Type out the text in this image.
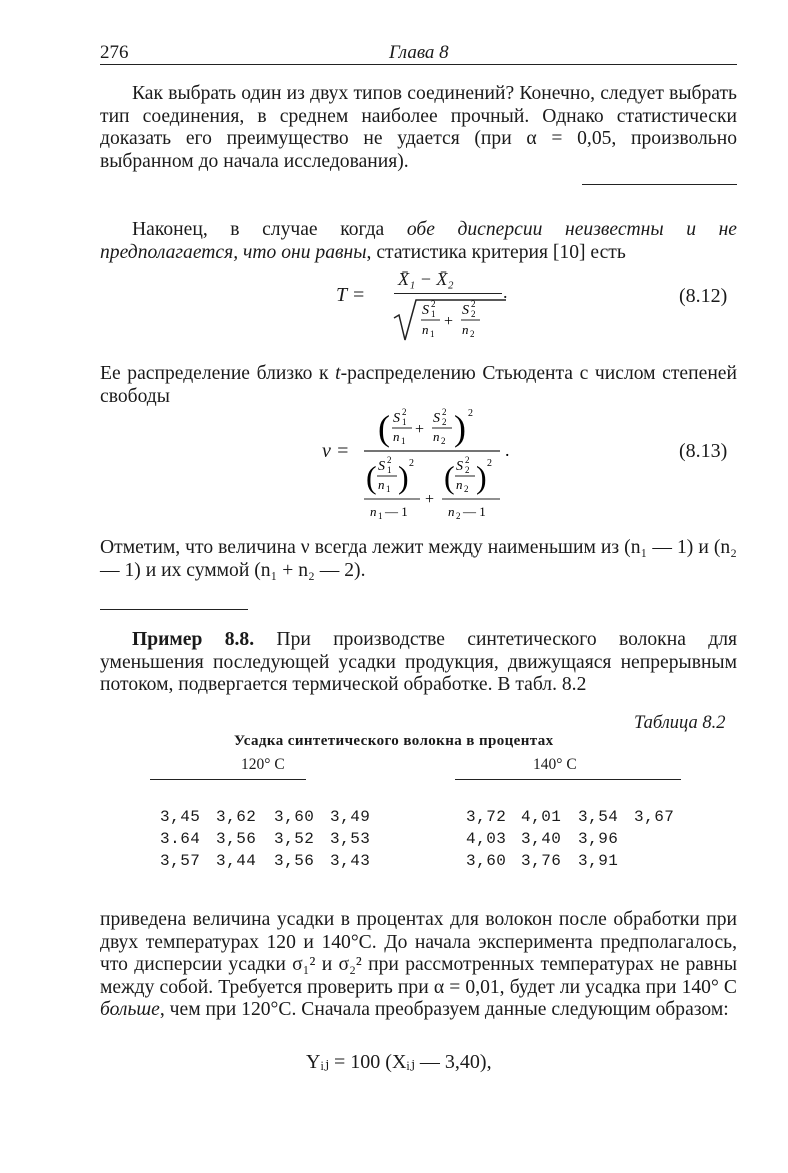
276	Глава 8
Как выбрать один из двух типов соединений? Конечно, следует выбрать тип соединения, в среднем наиболее прочный. Однако статистически доказать его преимущество не удается (при α = 0,05, произвольно выбранном до начала исследования).
Наконец, в случае когда обе дисперсии неизвестны и не предполагается, что они равны, статистика критерия [10] есть
T =
X̄₁ − X̄₂
.
S 2
1
n 1
+
S 2
2
n 2
(8.12)
Ее распределение близко к t-распределению Стьюдента с числом степеней свободы
ν =
( S 2
1
n 1
+
S 2
2
n 2 ) 2
( S 2
1
n 1 ) 2
n 1 — 1
+
( S 2
2
n 2 ) 2
n 2 — 1
.	(8.13)
Отметим, что величина ν всегда лежит между наименьшим из (n₁ — 1) и (n₂ — 1) и их суммой (n₁ + n₂ — 2).
Пример 8.8. При производстве синтетического волокна для уменьшения последующей усадки продукция, движущаяся непрерывным потоком, подвергается термической обработке. В табл. 8.2
Таблица 8.2
Усадка синтетического волокна в процентах
120° C	140° C
3,45 3,62 3,60 3,49	3,72 4,01 3,54 3,67
3.64 3,56 3,52 3,53	4,03 3,40 3,96
3,57 3,44 3,56 3,43	3,60 3,76 3,91
приведена величина усадки в процентах для волокон после обработки при двух температурах 120 и 140°С. До начала эксперимента предполагалось, что дисперсии усадки σ₁² и σ₂² при рассмотренных температурах не равны между собой. Требуется проверить при α = 0,01, будет ли усадка при 140° С больше, чем при 120°С. Сначала преобразуем данные следующим образом:
Yᵢⱼ = 100 (Xᵢⱼ — 3,40),
